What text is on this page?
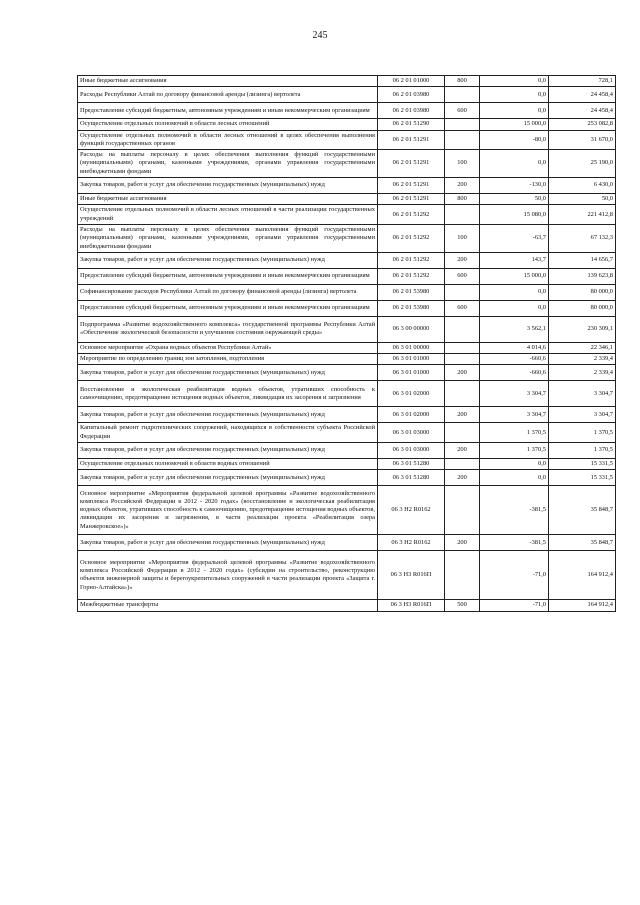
245
Иные бюджетные ассигнования	06 2 01 01000	800	0,0	728,1
Расходы Республики Алтай по договору финансовой аренды (лизинга) вертолета	06 2 01 03980		0,0	24 458,4
Предоставление субсидий бюджетным, автономным учреждениям и иным некоммерческим организациям	06 2 01 03980	600	0,0	24 458,4
Осуществление отдельных полномочий в области лесных отношений	06 2 01 51290		15 000,0	253 082,8
Осуществление отдельных полномочий в области лесных отношений в целях обеспечения выполнения функций государственных органов	06 2 01 51291		-80,0	31 670,0
Расходы на выплаты персоналу в целях обеспечения выполнения функций государственными (муниципальными) органами, казенными учреждениями, органами управления государственными внебюджетными фондами	06 2 01 51291	100	0,0	25 190,0
Закупка товаров, работ и услуг для обеспечения государственных (муниципальных) нужд	06 2 01 51291	200	-130,0	6 430,0
Иные бюджетные ассигнования	06 2 01 51291	800	50,0	50,0
Осуществление отдельных полномочий в области лесных отношений в части реализации государственных учреждений	06 2 01 51292		15 080,0	221 412,8
Расходы на выплаты персоналу в целях обеспечения выполнения функций государственными (муниципальными) органами, казенными учреждениями, органами управления государственными внебюджетными фондами	06 2 01 51292	100	-63,7	67 132,3
Закупка товаров, работ и услуг для обеспечения государственных (муниципальных) нужд	06 2 01 51292	200	143,7	14 656,7
Предоставление субсидий бюджетным, автономным учреждениям и иным некоммерческим организациям	06 2 01 51292	600	15 000,0	139 623,8
Софинансирование расходов Республики Алтай по договору финансовой аренды (лизинга) вертолета	06 2 01 53980		0,0	80 000,0
Предоставление субсидий бюджетным, автономным учреждениям и иным некоммерческим организациям	06 2 01 53980	600	0,0	80 000,0
Подпрограмма «Развитие водохозяйственного комплекса» государственной программы Республики Алтай «Обеспечение экологической безопасности и улучшение состояния окружающей среды»	06 3 00 00000		3 562,1	230 309,1
Основное мероприятие «Охрана водных объектов Республики Алтай»	06 3 01 00000		4 014,6	22 346,1
Мероприятие по определению границ зон затопления, подтопления	06 3 01 01000		-660,6	2 339,4
Закупка товаров, работ и услуг для обеспечения государственных (муниципальных) нужд	06 3 01 01000	200	-660,6	2 339,4
Восстановление и экологическая реабилитация водных объектов, утративших способность к самоочищению, предотвращение истощения водных объектов, ликвидация их засорения и загрязнения	06 3 01 02000		3 304,7	3 304,7
Закупка товаров, работ и услуг для обеспечения государственных (муниципальных) нужд	06 3 01 02000	200	3 304,7	3 304,7
Капитальный ремонт гидротехнических сооружений, находящихся в собственности субъекта Российской Федерации	06 3 01 03000		1 370,5	1 370,5
Закупка товаров, работ и услуг для обеспечения государственных (муниципальных) нужд	06 3 01 03000	200	1 370,5	1 370,5
Осуществление отдельных полномочий в области водных отношений	06 3 01 51280		0,0	15 331,5
Закупка товаров, работ и услуг для обеспечения государственных (муниципальных) нужд	06 3 01 51280	200	0,0	15 331,5
Основное мероприятие «Мероприятия федеральной целевой программы «Развитие водохозяйственного комплекса Российской Федерации в 2012 - 2020 годах» (восстановление и экологическая реабилитация водных объектов, утративших способность к самоочищению, предотвращение истощения водных объектов, ликвидация их засорения и загрязнения, в части реализации проекта «Реабилитация озера Манжерокское»)»	06 3 Н2 R0162		-381,5	35 848,7
Закупка товаров, работ и услуг для обеспечения государственных (муниципальных) нужд	06 3 Н2 R0162	200	-381,5	35 848,7
Основное мероприятие «Мероприятия федеральной целевой программы «Развитие водохозяйственного комплекса Российской Федерации в 2012 - 2020 годах» (субсидии на строительство, реконструкцию объектов инженерной защиты и берегоукрепительных сооружений в части реализации проекта «Защита г. Горно-Алтайска»)»	06 3 Н3 R016П		-71,0	164 912,4
Межбюджетные трансферты	06 3 Н3 R016П	500	-71,0	164 912,4
